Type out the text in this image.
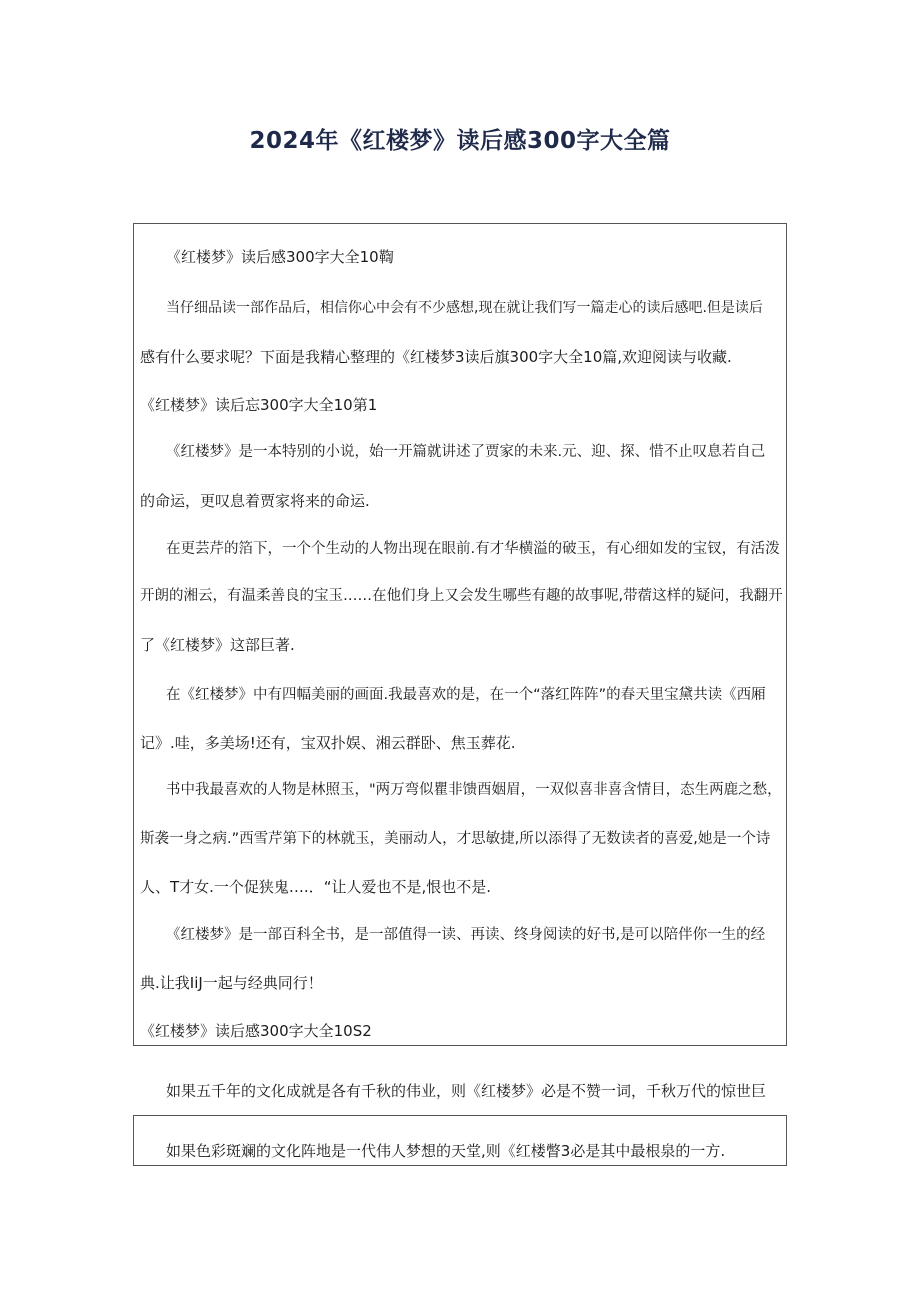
2024年《红楼梦》读后感300字大全篇

《红楼梦》读后感300字大全10鞫

当仔细品读一部作品后，相信你心中会有不少感想,现在就让我们写一篇走心的读后感吧.但是读后

感有什么要求呢？下面是我精心整理的《红楼梦3读后旗300字大全10篇,欢迎阅读与收藏.

《红楼梦》读后忘300字大全10第1

《红楼梦》是一本特别的小说，始一开篇就讲述了贾家的未来.元、迎、探、惜不止叹息若自己

的命运，更叹息着贾家将来的命运.

在更芸芹的箔下，一个个生动的人物出现在眼前.有才华横溢的破玉，有心细如发的宝钗，有活泼

开朗的湘云，有温柔善良的宝玉……在他们身上又会发生哪些有趣的故事呢,带蓿这样的疑问，我翻开

了《红楼梦》这部巨著.

在《红楼梦》中有四幅美丽的画面.我最喜欢的是，在一个“落红阵阵”的春天里宝黛共读《西厢

记》.哇，多美场!还有，宝双扑娱、湘云群卧、焦玉葬花.

书中我最喜欢的人物是林照玉，"两万弯似瞿非馈酉姻眉，一双似喜非喜含情目，态生两鹿之愁，

斯袭一身之病.”西雪芹第下的林就玉，美丽动人，才思敏捷,所以添得了无数读者的喜爱,她是一个诗

人、T才女.一个促狭鬼….．“让人爱也不是,恨也不是.

《红楼梦》是一部百科全书，是一部值得一读、再读、终身阅读的好书,是可以陪伴你一生的经

典.让我IiJ一起与经典同行！

《红楼梦》读后感300字大全10S2

如果五千年的文化成就是各有千秋的伟业，则《红楼梦》必是不赞一词，千秋万代的惊世巨

如果色彩斑斓的文化阵地是一代伟人梦想的天堂,则《红楼瞥3必是其中最根泉的一方.
